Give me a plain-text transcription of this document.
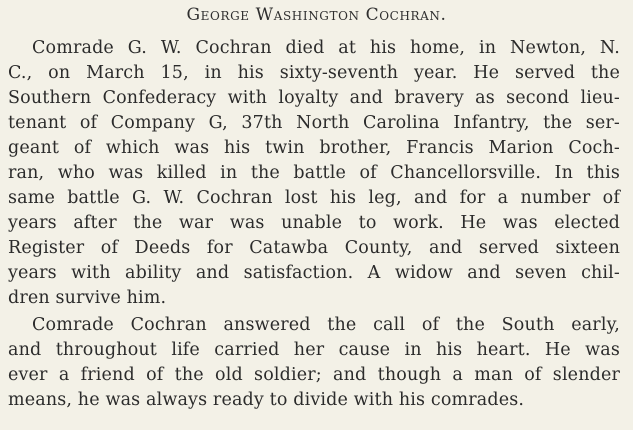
George Washington Cochran.
Comrade G. W. Cochran died at his home, in Newton, N.
C., on March 15, in his sixty-seventh year. He served the
Southern Confederacy with loyalty and bravery as second lieu-
tenant of Company G, 37th North Carolina Infantry, the ser-
geant of which was his twin brother, Francis Marion Coch-
ran, who was killed in the battle of Chancellorsville. In this
same battle G. W. Cochran lost his leg, and for a number of
years after the war was unable to work. He was elected
Register of Deeds for Catawba County, and served sixteen
years with ability and satisfaction. A widow and seven chil-
dren survive him.
Comrade Cochran answered the call of the South early,
and throughout life carried her cause in his heart. He was
ever a friend of the old soldier; and though a man of slender
means, he was always ready to divide with his comrades.
